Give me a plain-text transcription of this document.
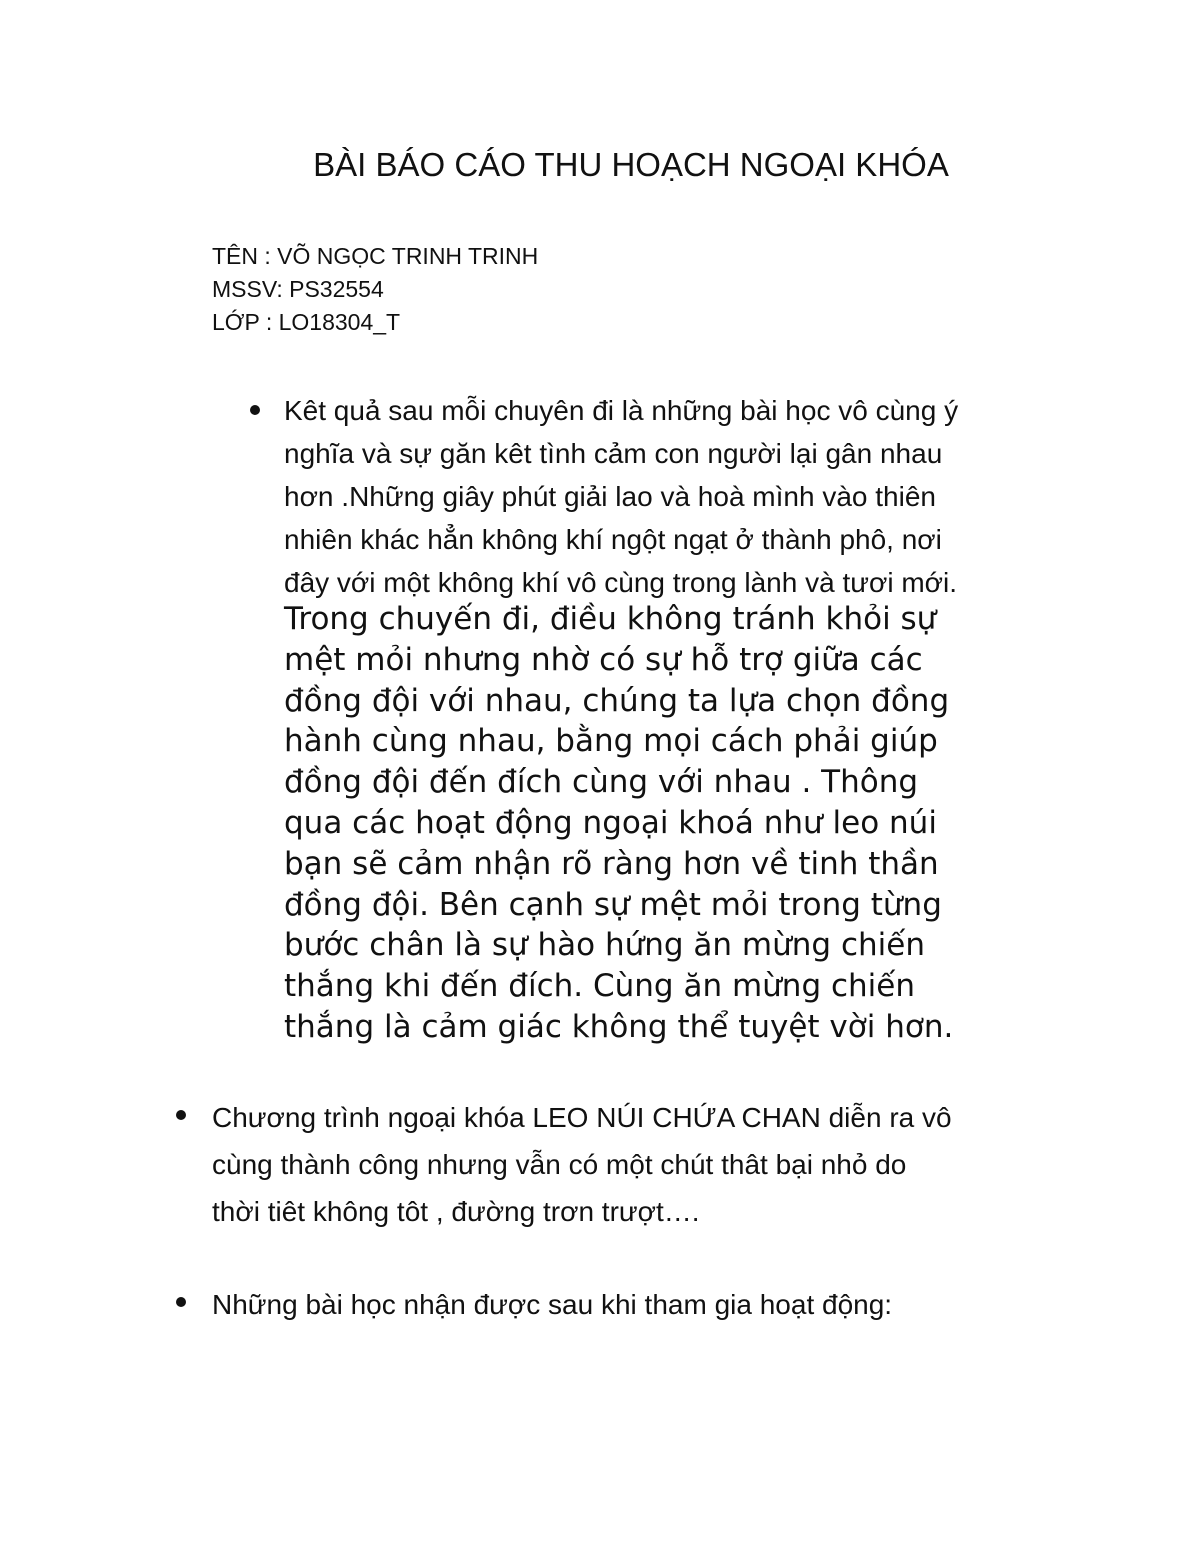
BÀI BÁO CÁO THU HOẠCH NGOẠI KHÓA
TÊN : VÕ NGỌC TRINH TRINH
MSSV: PS32554
LỚP : LO18304_T

Kêt quả sau mỗi chuyên đi là những bài học vô cùng ý
nghĩa và sự găn kêt tình cảm con người lại gân nhau
hơn .Những giây phút giải lao và hoà mình vào thiên
nhiên khác hẳn không khí ngột ngạt ở thành phô, nơi
đây với một không khí vô cùng trong lành và tươi mới.

Trong chuyến đi, điều không tránh khỏi sự
mệt mỏi nhưng nhờ có sự hỗ trợ giữa các
đồng đội với nhau, chúng ta lựa chọn đồng
hành cùng nhau, bằng mọi cách phải giúp
đồng đội đến đích cùng với nhau . Thông
qua các hoạt động ngoại khoá như leo núi
bạn sẽ cảm nhận rõ ràng hơn về tinh thần
đồng đội. Bên cạnh sự mệt mỏi trong từng
bước chân là sự hào hứng ăn mừng chiến
thắng khi đến đích. Cùng ăn mừng chiến
thắng là cảm giác không thể tuyệt vời hơn.

Chương trình ngoại khóa LEO NÚI CHỨA CHAN diễn ra vô
cùng thành công nhưng vẫn có một chút thât bại nhỏ do
thời tiêt không tôt , đường trơn trượt….

Những bài học nhận được sau khi tham gia hoạt động:
